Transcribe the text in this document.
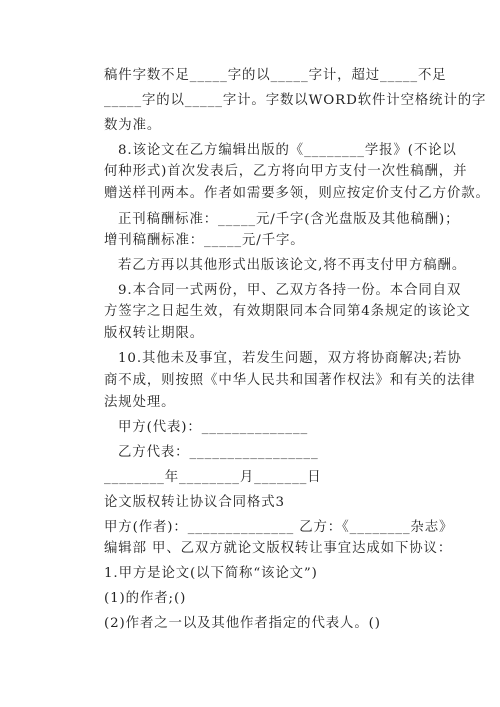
稿件字数不足_____字的以_____字计，超过_____不足
_____字的以_____字计。字数以WORD软件计空格统计的字
数为准。
8.该论文在乙方编辑出版的《________学报》(不论以
何种形式)首次发表后，乙方将向甲方支付一次性稿酬，并
赠送样刊两本。作者如需要多领，则应按定价支付乙方价款。
正刊稿酬标准：_____元/千字(含光盘版及其他稿酬)；
增刊稿酬标准：_____元/千字。
若乙方再以其他形式出版该论文,将不再支付甲方稿酬。
9.本合同一式两份，甲、乙双方各持一份。本合同自双
方签字之日起生效，有效期限同本合同第4条规定的该论文
版权转让期限。
10.其他未及事宜，若发生问题，双方将协商解决;若协
商不成，则按照《中华人民共和国著作权法》和有关的法律
法规处理。
甲方(代表)：______________
乙方代表：_________________
________年________月_______日
论文版权转让协议合同格式3
甲方(作者)：______________ 乙方：《________杂志》
编辑部 甲、乙双方就论文版权转让事宜达成如下协议：
1.甲方是论文(以下简称“该论文”)
(1)的作者;()
(2)作者之一以及其他作者指定的代表人。()
